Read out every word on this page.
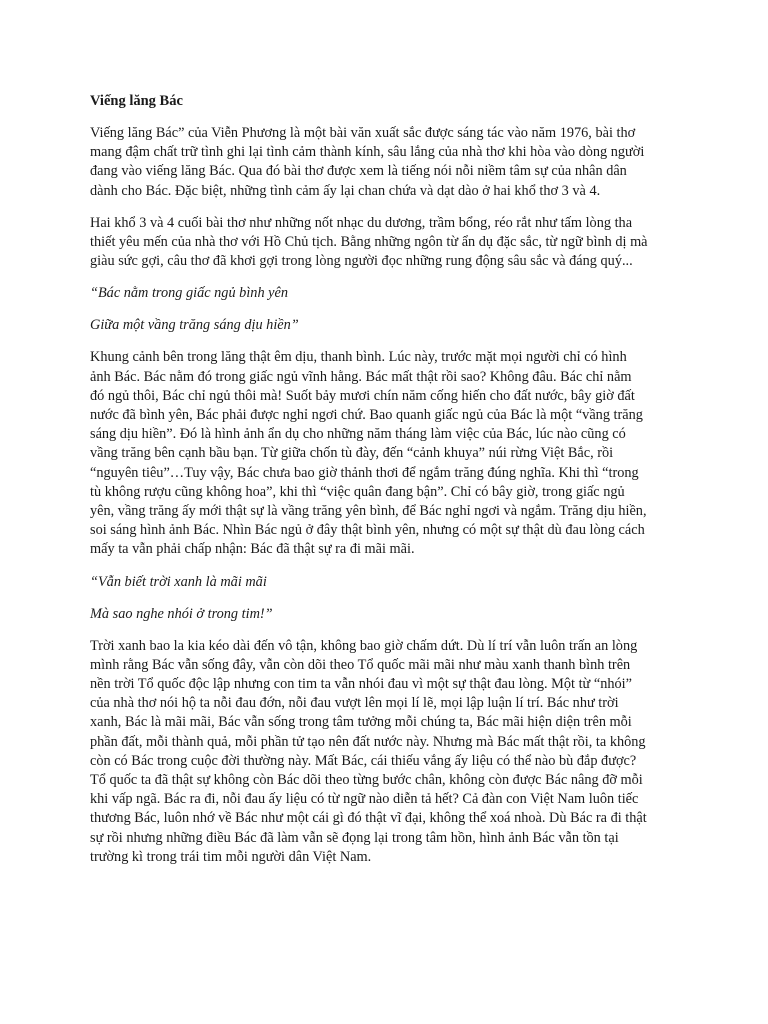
Viếng lăng Bác
Viếng lăng Bác” của Viễn Phương là một bài văn xuất sắc được sáng tác vào năm 1976, bài thơ
mang đậm chất trữ tình ghi lại tình cảm thành kính, sâu lắng của nhà thơ khi hòa vào dòng người
đang vào viếng lăng Bác. Qua đó bài thơ được xem là tiếng nói nỗi niềm tâm sự của nhân dân
dành cho Bác. Đặc biệt, những tình cảm ấy lại chan chứa và dạt dào ở hai khổ thơ 3 và 4.
Hai khổ 3 và 4 cuối bài thơ như những nốt nhạc du dương, trầm bổng, réo rắt như tấm lòng tha
thiết yêu mến của nhà thơ với Hồ Chủ tịch. Bằng những ngôn từ ẩn dụ đặc sắc, từ ngữ bình dị mà
giàu sức gợi, câu thơ đã khơi gợi trong lòng người đọc những rung động sâu sắc và đáng quý...
“Bác nằm trong giấc ngủ bình yên
Giữa một vầng trăng sáng dịu hiền”
Khung cảnh bên trong lăng thật êm dịu, thanh bình. Lúc này, trước mặt mọi người chỉ có hình
ảnh Bác. Bác nằm đó trong giấc ngủ vĩnh hằng. Bác mất thật rồi sao? Không đâu. Bác chỉ nằm
đó ngủ thôi, Bác chỉ ngủ thôi mà! Suốt bảy mươi chín năm cống hiến cho đất nước, bây giờ đất
nước đã bình yên, Bác phải được nghỉ ngơi chứ. Bao quanh giấc ngủ của Bác là một “vầng trăng
sáng dịu hiền”. Đó là hình ảnh ẩn dụ cho những năm tháng làm việc của Bác, lúc nào cũng có
vầng trăng bên cạnh bầu bạn. Từ giữa chốn tù đày, đến “cảnh khuya” núi rừng Việt Bắc, rồi
“nguyên tiêu”…Tuy vậy, Bác chưa bao giờ thảnh thơi để ngắm trăng đúng nghĩa. Khi thì “trong
tù không rượu cũng không hoa”, khi thì “việc quân đang bận”. Chỉ có bây giờ, trong giấc ngủ
yên, vầng trăng ấy mới thật sự là vầng trăng yên bình, để Bác nghỉ ngơi và ngắm. Trăng dịu hiền,
soi sáng hình ảnh Bác. Nhìn Bác ngủ ở đây thật bình yên, nhưng có một sự thật dù đau lòng cách
mấy ta vẫn phải chấp nhận: Bác đã thật sự ra đi mãi mãi.
“Vẫn biết trời xanh là mãi mãi
Mà sao nghe nhói ở trong tim!”
Trời xanh bao la kia kéo dài đến vô tận, không bao giờ chấm dứt. Dù lí trí vẫn luôn trấn an lòng
mình rằng Bác vẫn sống đây, vẫn còn dõi theo Tổ quốc mãi mãi như màu xanh thanh bình trên
nền trời Tổ quốc độc lập nhưng con tim ta vẫn nhói đau vì một sự thật đau lòng. Một từ “nhói”
của nhà thơ nói hộ ta nỗi đau đớn, nỗi đau vượt lên mọi lí lẽ, mọi lập luận lí trí. Bác như trời
xanh, Bác là mãi mãi, Bác vẫn sống trong tâm tưởng mỗi chúng ta, Bác mãi hiện diện trên mỗi
phần đất, mỗi thành quả, mỗi phần tử tạo nên đất nước này. Nhưng mà Bác mất thật rồi, ta không
còn có Bác trong cuộc đời thường này. Mất Bác, cái thiếu vắng ấy liệu có thể nào bù đắp được?
Tổ quốc ta đã thật sự không còn Bác dõi theo từng bước chân, không còn được Bác nâng đỡ mỗi
khi vấp ngã. Bác ra đi, nỗi đau ấy liệu có từ ngữ nào diễn tả hết? Cả đàn con Việt Nam luôn tiếc
thương Bác, luôn nhớ về Bác như một cái gì đó thật vĩ đại, không thể xoá nhoà. Dù Bác ra đi thật
sự rồi nhưng những điều Bác đã làm vẫn sẽ đọng lại trong tâm hồn, hình ảnh Bác vẫn tồn tại
trường kì trong trái tim mỗi người dân Việt Nam.
